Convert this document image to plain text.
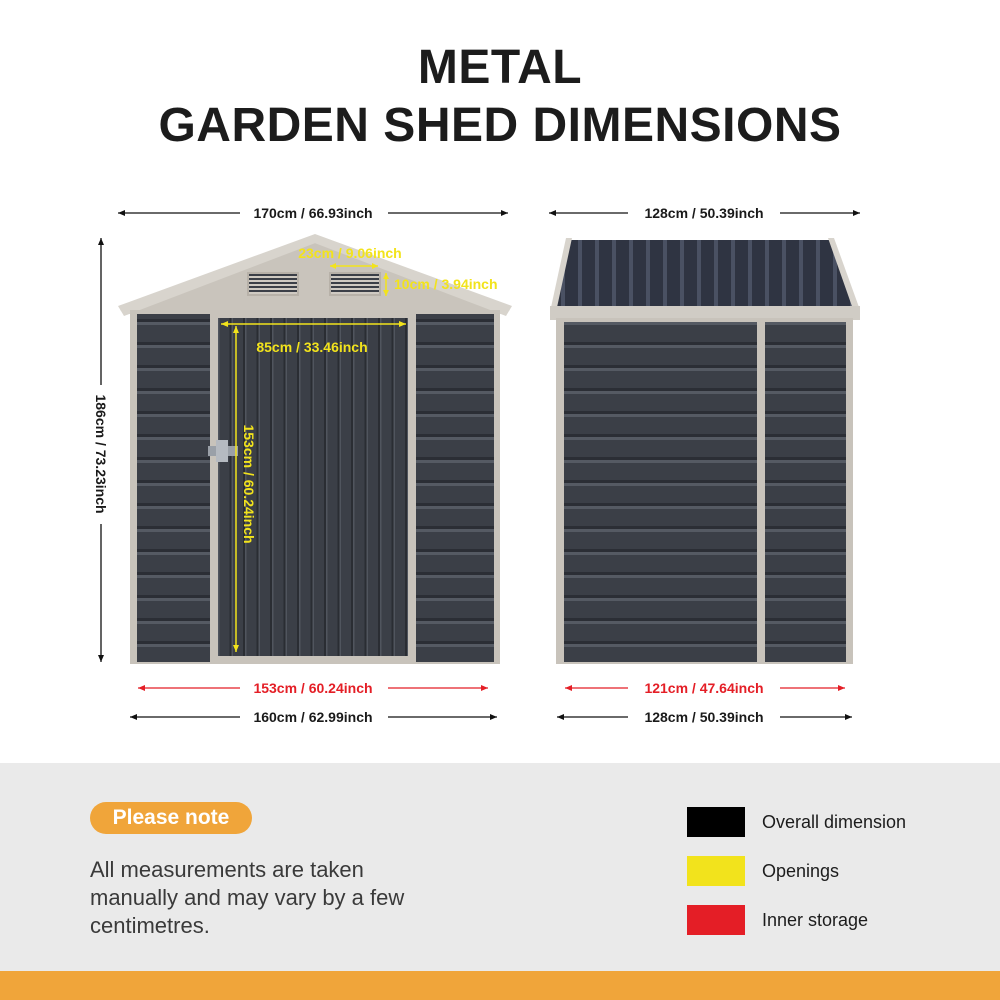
METAL
GARDEN SHED DIMENSIONS
170cm / 66.93inch
186cm / 73.23inch
23cm / 9.06inch
10cm / 3.94inch
85cm / 33.46inch
153cm / 60.24inch
153cm / 60.24inch
160cm / 62.99inch
128cm / 50.39inch
121cm / 47.64inch
128cm / 50.39inch
Please note
All measurements are taken manually and may vary by a few centimetres.
Overall dimension
Openings
Inner storage
